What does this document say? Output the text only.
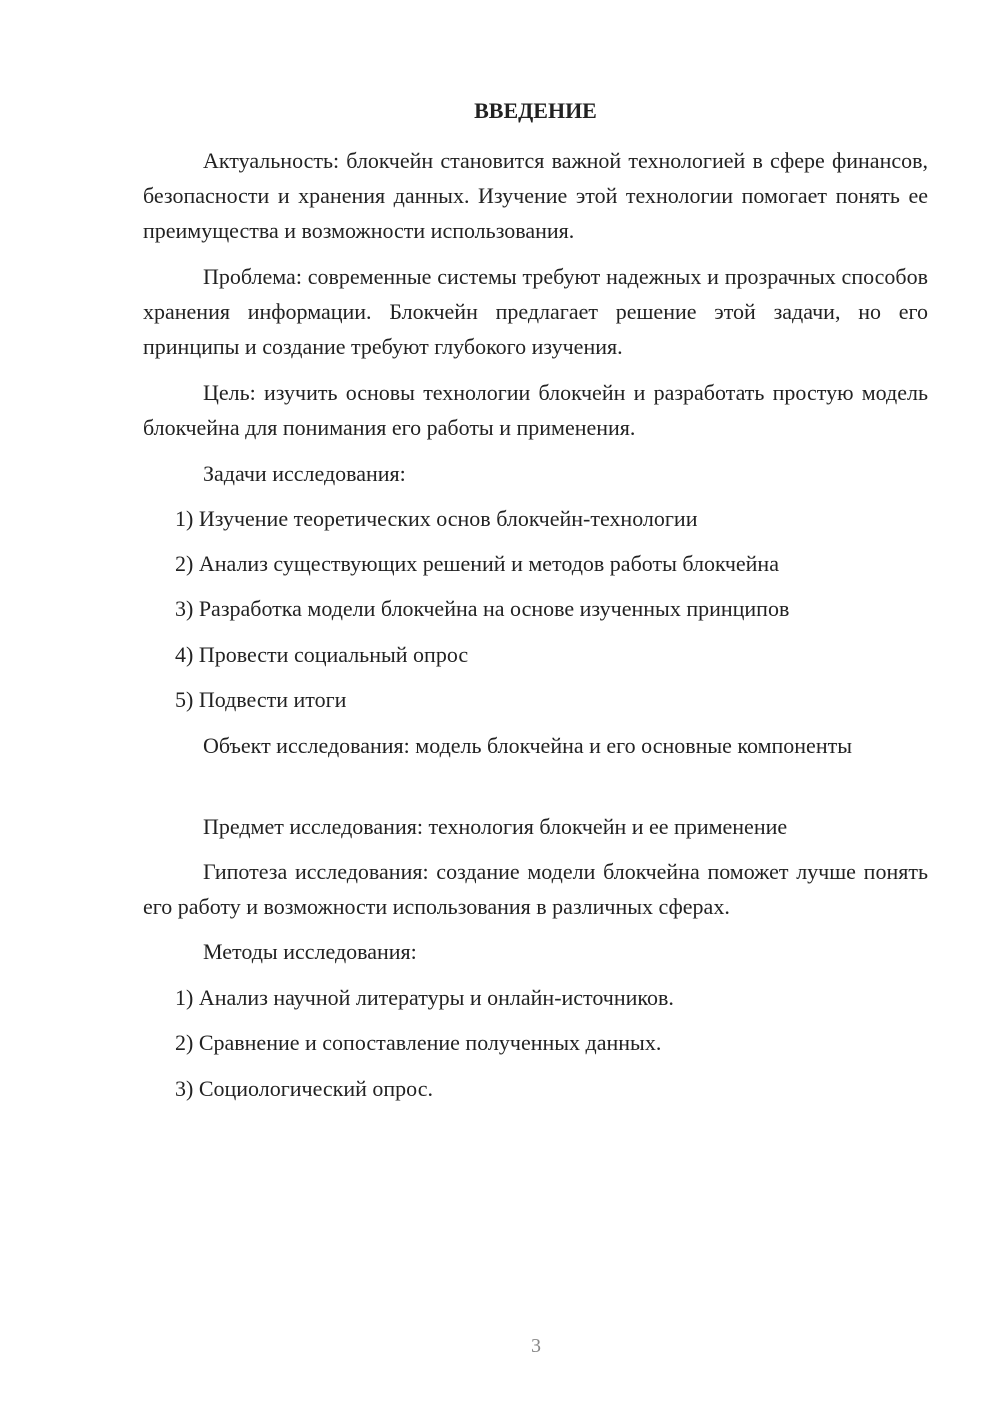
ВВЕДЕНИЕ

Актуальность: блокчейн становится важной технологией в сфере финансов, безопасности и хранения данных. Изучение этой технологии помогает понять ее преимущества и возможности использования.

Проблема: современные системы требуют надежных и прозрачных способов хранения информации. Блокчейн предлагает решение этой задачи, но его принципы и создание требуют глубокого изучения.

Цель: изучить основы технологии блокчейн и разработать простую модель блокчейна для понимания его работы и применения.

Задачи исследования:

1) Изучение теоретических основ блокчейн-технологии

2) Анализ существующих решений и методов работы блокчейна

3) Разработка модели блокчейна на основе изученных принципов

4) Провести социальный опрос

5) Подвести итоги

Объект исследования: модель блокчейна и его основные компоненты

Предмет исследования: технология блокчейн и ее применение

Гипотеза исследования: создание модели блокчейна поможет лучше понять его работу и возможности использования в различных сферах.

Методы исследования:

1) Анализ научной литературы и онлайн-источников.

2) Сравнение и сопоставление полученных данных.

3) Социологический опрос.

3
